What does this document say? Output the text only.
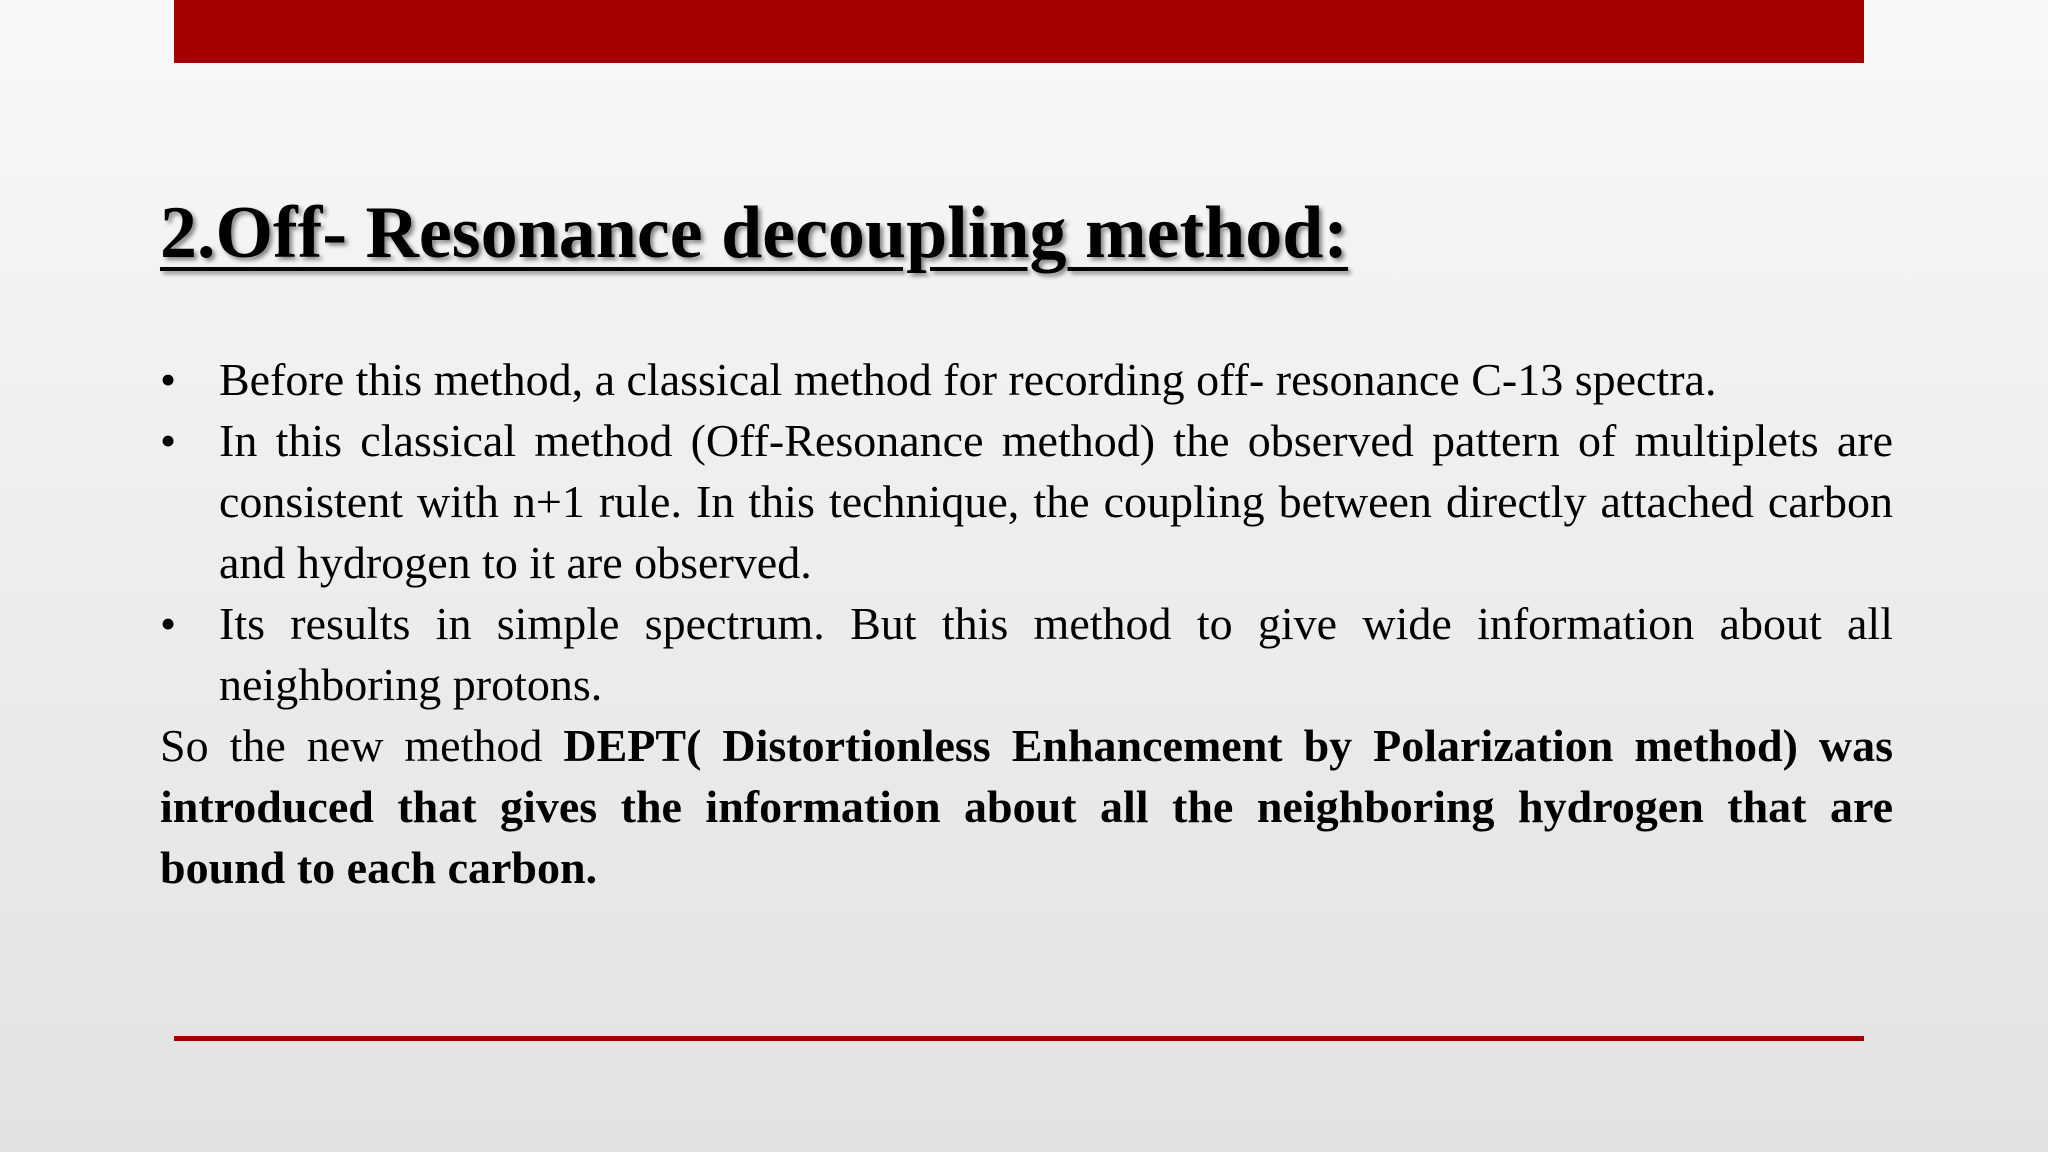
2.Off- Resonance decoupling method:
• Before this method, a classical method for recording off- resonance C-13 spectra.
• In this classical method (Off-Resonance method) the observed pattern of multiplets are consistent with n+1 rule. In this technique, the coupling between directly attached carbon and hydrogen to it are observed.
• Its results in simple spectrum. But this method to give wide information about all neighboring protons.

So the new method DEPT( Distortionless Enhancement by Polarization method) was introduced that gives the information about all the neighboring hydrogen that are bound to each carbon.
